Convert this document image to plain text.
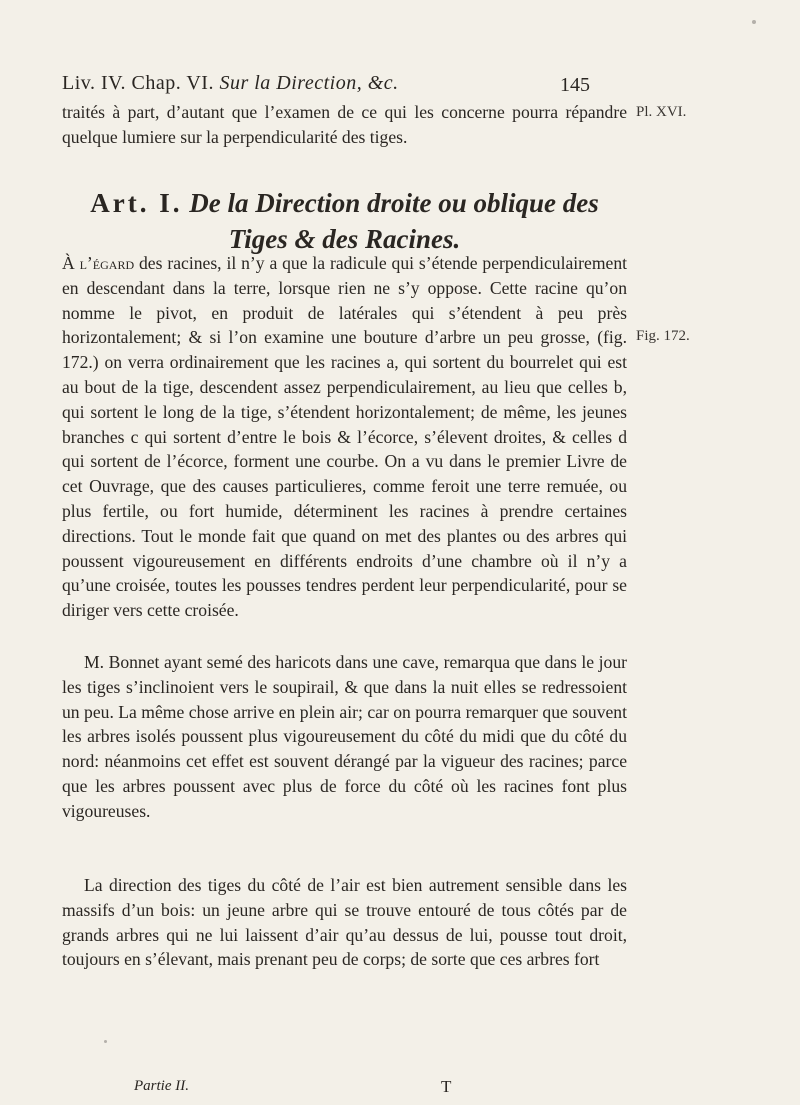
Liv. IV. Chap. VI. Sur la Direction, &c.	145
Pl. XVI.
Fig. 172.

traités à part, d’autant que l’examen de ce qui les concerne pourra répandre quelque lumiere sur la perpendicularité des tiges.

Art. I. De la Direction droite ou oblique des Tiges & des Racines.
À l’égard des racines, il n’y a que la radicule qui s’étende perpendiculairement en descendant dans la terre, lorsque rien ne s’y oppose. Cette racine qu’on nomme le pivot, en produit de latérales qui s’étendent à peu près horizontalement; & si l’on examine une bouture d’arbre un peu grosse, (fig. 172.) on verra ordinairement que les racines a, qui sortent du bourrelet qui est au bout de la tige, descendent assez perpendiculairement, au lieu que celles b, qui sortent le long de la tige, s’étendent horizontalement; de même, les jeunes branches c qui sortent d’entre le bois & l’écorce, s’élevent droites, & celles d qui sortent de l’écorce, forment une courbe. On a vu dans le premier Livre de cet Ouvrage, que des causes particulieres, comme feroit une terre remuée, ou plus fertile, ou fort humide, déterminent les racines à prendre certaines directions. Tout le monde fait que quand on met des plantes ou des arbres qui poussent vigoureusement en différents endroits d’une chambre où il n’y a qu’une croisée, toutes les pousses tendres perdent leur perpendicularité, pour se diriger vers cette croisée.

M. Bonnet ayant semé des haricots dans une cave, remarqua que dans le jour les tiges s’inclinoient vers le soupirail, & que dans la nuit elles se redressoient un peu. La même chose arrive en plein air; car on pourra remarquer que souvent les arbres isolés poussent plus vigoureusement du côté du midi que du côté du nord: néanmoins cet effet est souvent dérangé par la vigueur des racines; parce que les arbres poussent avec plus de force du côté où les racines font plus vigoureuses.

La direction des tiges du côté de l’air est bien autrement sensible dans les massifs d’un bois: un jeune arbre qui se trouve entouré de tous côtés par de grands arbres qui ne lui laissent d’air qu’au dessus de lui, pousse tout droit, toujours en s’élevant, mais prenant peu de corps; de sorte que ces arbres fort

Partie II.	T
